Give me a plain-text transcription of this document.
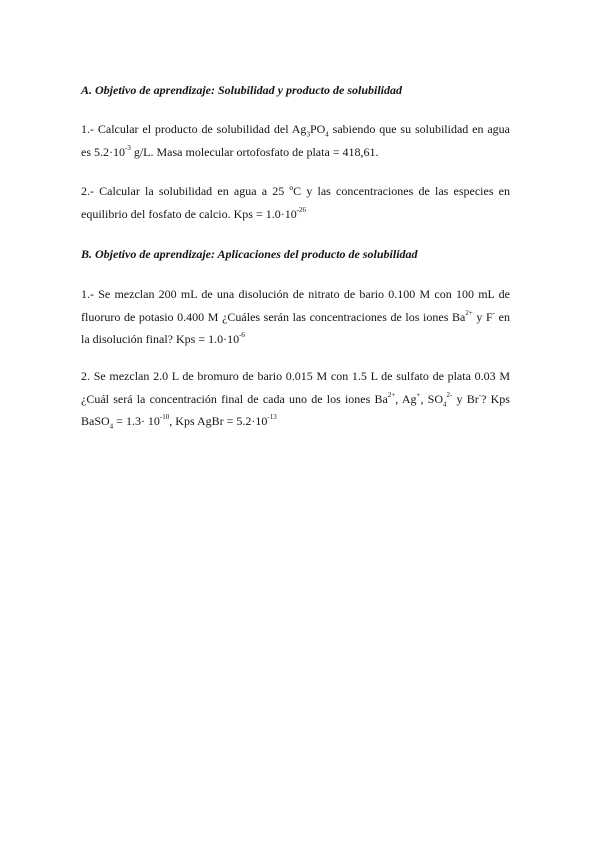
A. Objetivo de aprendizaje: Solubilidad y producto de solubilidad
1.- Calcular el producto de solubilidad del $Ag_3PO_4$ sabiendo que su solubilidad en agua
es $5.2\cdot 10^{-3}$ g/L. Masa molecular ortofosfato de plata = 418,61.
2.- Calcular la solubilidad en agua a 25 ºC y las concentraciones de las especies en
equilibrio del fosfato de calcio. Kps = $1.0\cdot 10^{-26}$
B. Objetivo de aprendizaje: Aplicaciones del producto de solubilidad
1.- Se mezclan 200 mL de una disolución de nitrato de bario 0.100 M con 100 mL de
fluoruro de potasio 0.400 M ¿Cuáles serán las concentraciones de los iones $Ba^{2+}$ y F- en
la disolución final? Kps = $1.0\cdot 10^{-6}$
2. Se mezclan 2.0 L de bromuro de bario 0.015 M con 1.5 L de sulfato de plata 0.03 M
¿Cuál será la concentración final de cada uno de los iones $Ba^{2+}$, Ag+, $SO_4^{2-}$ y Br-? Kps
BaSO$_4$ = $1.3\cdot 10^{-10}$, Kps AgBr = $5.2\cdot 10^{-13}$
